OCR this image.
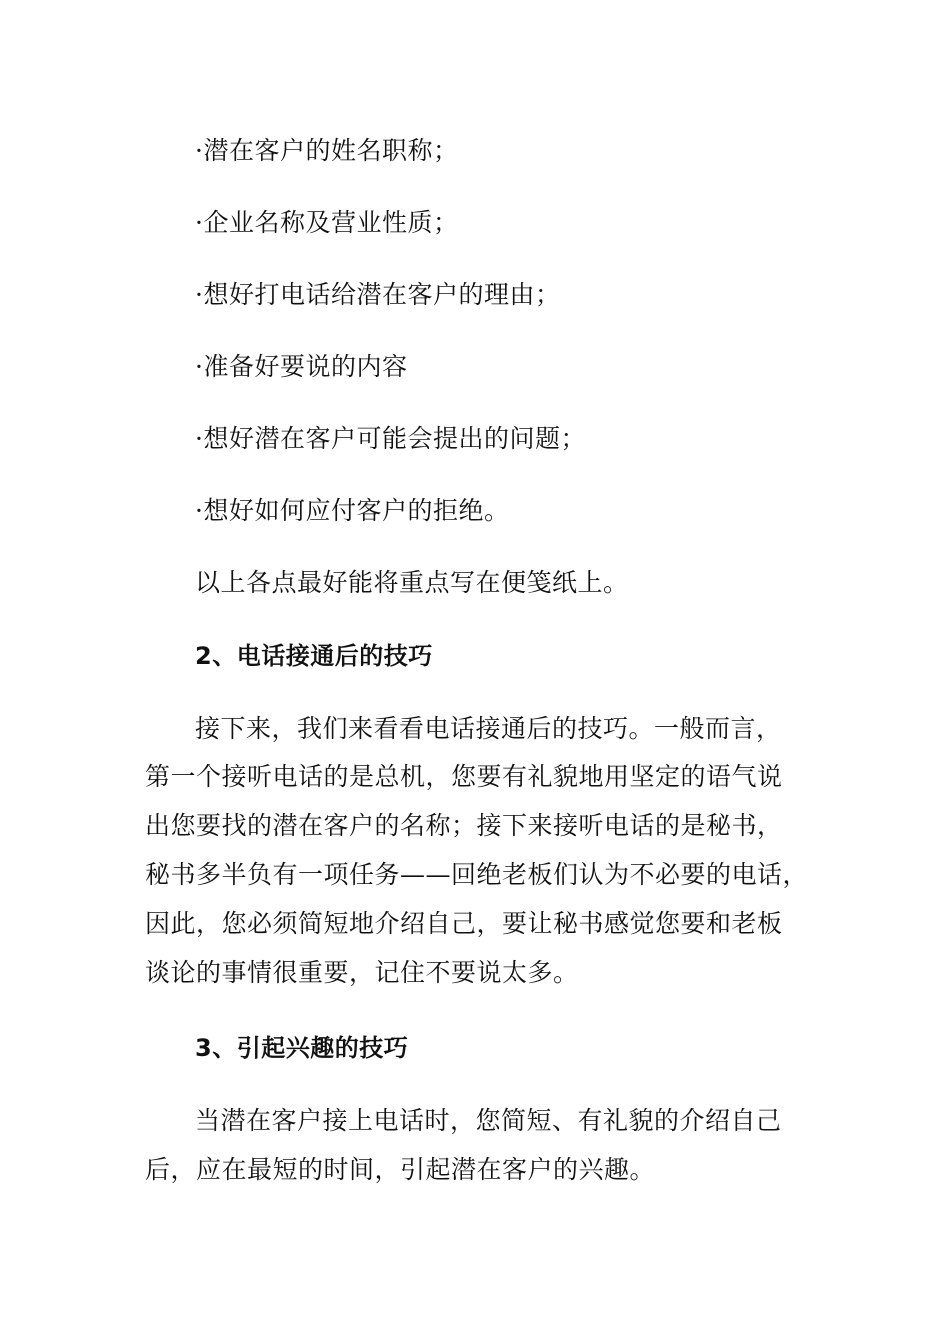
·潜在客户的姓名职称；
·企业名称及营业性质；
·想好打电话给潜在客户的理由；
·准备好要说的内容
·想好潜在客户可能会提出的问题；
·想好如何应付客户的拒绝。
以上各点最好能将重点写在便笺纸上。
2、电话接通后的技巧
接下来，我们来看看电话接通后的技巧。一般而言，
第一个接听电话的是总机，您要有礼貌地用坚定的语气说
出您要找的潜在客户的名称；接下来接听电话的是秘书，
秘书多半负有一项任务——回绝老板们认为不必要的电话，
因此，您必须简短地介绍自己，要让秘书感觉您要和老板
谈论的事情很重要，记住不要说太多。
3、引起兴趣的技巧
当潜在客户接上电话时，您简短、有礼貌的介绍自己
后，应在最短的时间，引起潜在客户的兴趣。
